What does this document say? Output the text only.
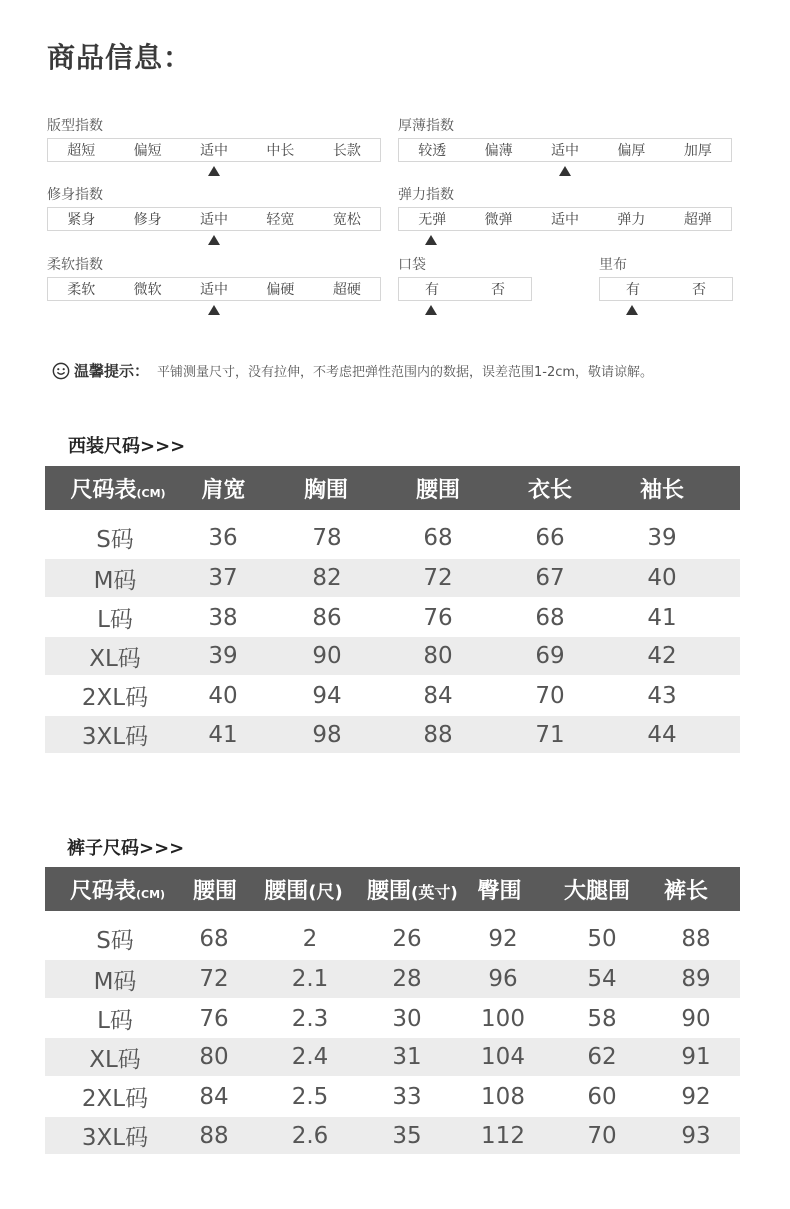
商品信息：
版型指数
超短	偏短	适中	中长	长款
厚薄指数
较透	偏薄	适中	偏厚	加厚
修身指数
紧身	修身	适中	轻宽	宽松
弹力指数
无弹	微弹	适中	弹力	超弹
柔软指数
柔软	微软	适中	偏硬	超硬
口袋
有	否
里布
有	否
温馨提示： 平铺测量尺寸，没有拉伸，不考虑把弹性范围内的数据，误差范围1-2cm，敬请谅解。
西装尺码>>>
尺码表(CM)	肩宽	胸围	腰围	衣长	袖长
S码	36	78	68	66	39
M码	37	82	72	67	40
L码	38	86	76	68	41
XL码	39	90	80	69	42
2XL码	40	94	84	70	43
3XL码	41	98	88	71	44
裤子尺码>>>
尺码表(CM)	腰围	腰围(尺)	腰围(英寸) 臀围	大腿围	裤长
S码	68	2	26	92	50	88
M码	72	2.1	28	96	54	89
L码	76	2.3	30	100	58	90
XL码	80	2.4	31	104	62	91
2XL码	84	2.5	33	108	60	92
3XL码	88	2.6	35	112	70	93
